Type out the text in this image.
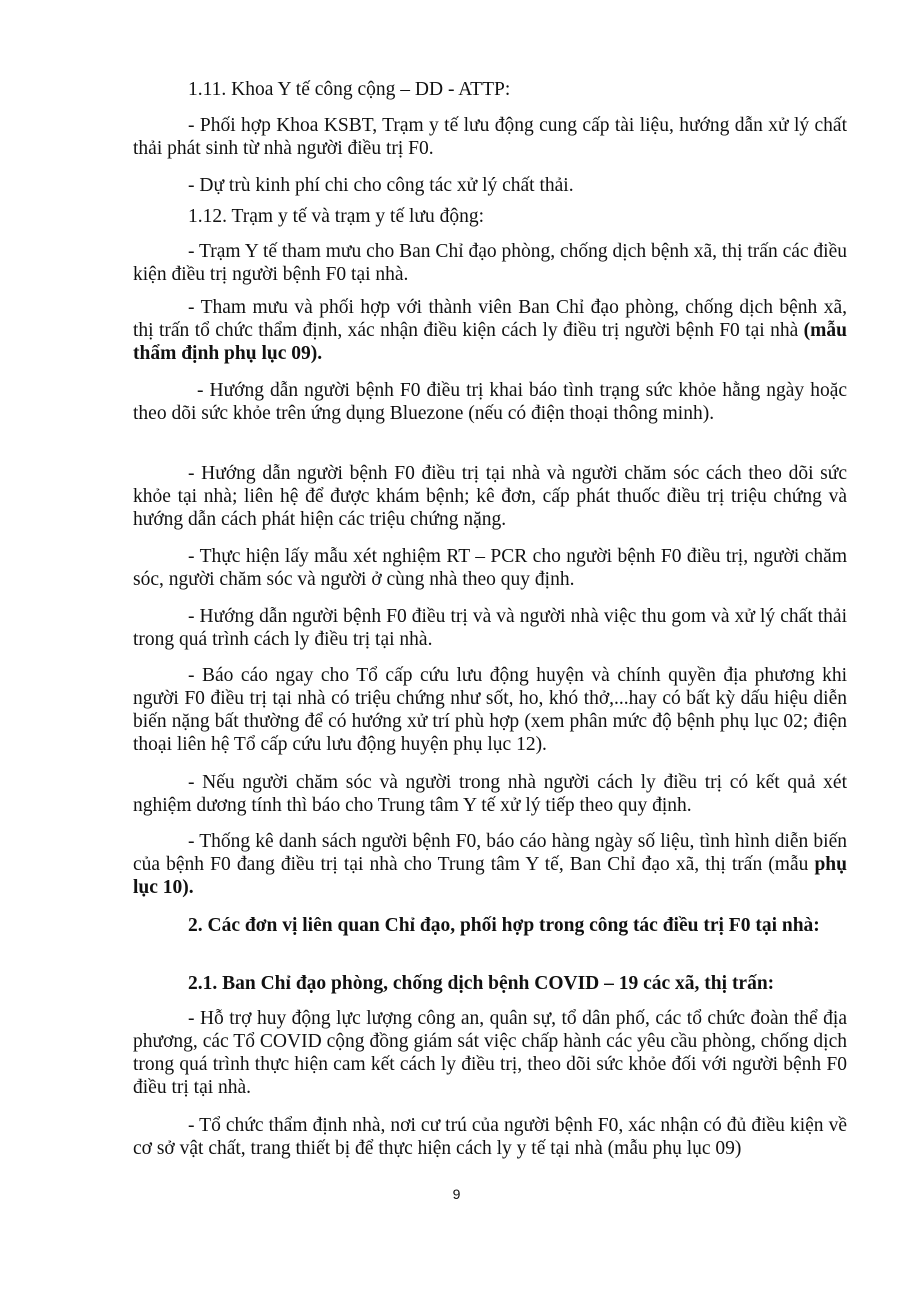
1.11. Khoa Y tế công cộng – DD - ATTP:

- Phối hợp Khoa KSBT, Trạm y tế lưu động cung cấp tài liệu, hướng dẫn xử lý chất thải phát sinh từ nhà người điều trị F0.

- Dự trù kinh phí chi cho công tác xử lý chất thải.

1.12. Trạm y tế và trạm y tế lưu động:

- Trạm Y tế tham mưu cho Ban Chỉ đạo phòng, chống dịch bệnh xã, thị trấn các điều kiện điều trị người bệnh F0 tại nhà.

- Tham mưu và phối hợp với thành viên Ban Chỉ đạo phòng, chống dịch bệnh xã, thị trấn tổ chức thẩm định, xác nhận điều kiện cách ly điều trị người bệnh F0 tại nhà (mẫu thẩm định phụ lục 09).

- Hướng dẫn người bệnh F0 điều trị khai báo tình trạng sức khỏe hằng ngày hoặc theo dõi sức khỏe trên ứng dụng Bluezone (nếu có điện thoại thông minh).

- Hướng dẫn người bệnh F0 điều trị tại nhà và người chăm sóc cách theo dõi sức khỏe tại nhà; liên hệ để được khám bệnh; kê đơn, cấp phát thuốc điều trị triệu chứng và hướng dẫn cách phát hiện các triệu chứng nặng.

- Thực hiện lấy mẫu xét nghiệm RT – PCR cho người bệnh F0 điều trị, người chăm sóc, người chăm sóc và người ở cùng nhà theo quy định.

- Hướng dẫn người bệnh F0 điều trị và và người nhà việc thu gom và xử lý chất thải trong quá trình cách ly điều trị tại nhà.

- Báo cáo ngay cho Tổ cấp cứu lưu động huyện và chính quyền địa phương khi người F0 điều trị tại nhà có triệu chứng như sốt, ho, khó thở,...hay có bất kỳ dấu hiệu diễn biến nặng bất thường để có hướng xử trí phù hợp (xem phân mức độ bệnh phụ lục 02; điện thoại liên hệ Tổ cấp cứu lưu động huyện phụ lục 12).

- Nếu người chăm sóc và người trong nhà người cách ly điều trị có kết quả xét nghiệm dương tính thì báo cho Trung tâm Y tế xử lý tiếp theo quy định.

- Thống kê danh sách người bệnh F0, báo cáo hàng ngày số liệu, tình hình diễn biến của bệnh F0 đang điều trị tại nhà cho Trung tâm Y tế, Ban Chỉ đạo xã, thị trấn (mẫu phụ lục 10).

2. Các đơn vị liên quan Chỉ đạo, phối hợp trong công tác điều trị F0 tại nhà:

2.1. Ban Chỉ đạo phòng, chống dịch bệnh COVID – 19 các xã, thị trấn:

- Hỗ trợ huy động lực lượng công an, quân sự, tổ dân phố, các tổ chức đoàn thể địa phương, các Tổ COVID cộng đồng giám sát việc chấp hành các yêu cầu phòng, chống dịch trong quá trình thực hiện cam kết cách ly điều trị, theo dõi sức khỏe đối với người bệnh F0 điều trị tại nhà.

- Tổ chức thẩm định nhà, nơi cư trú của người bệnh F0, xác nhận có đủ điều kiện về cơ sở vật chất, trang thiết bị để thực hiện cách ly y tế tại nhà (mẫu phụ lục 09)

9
